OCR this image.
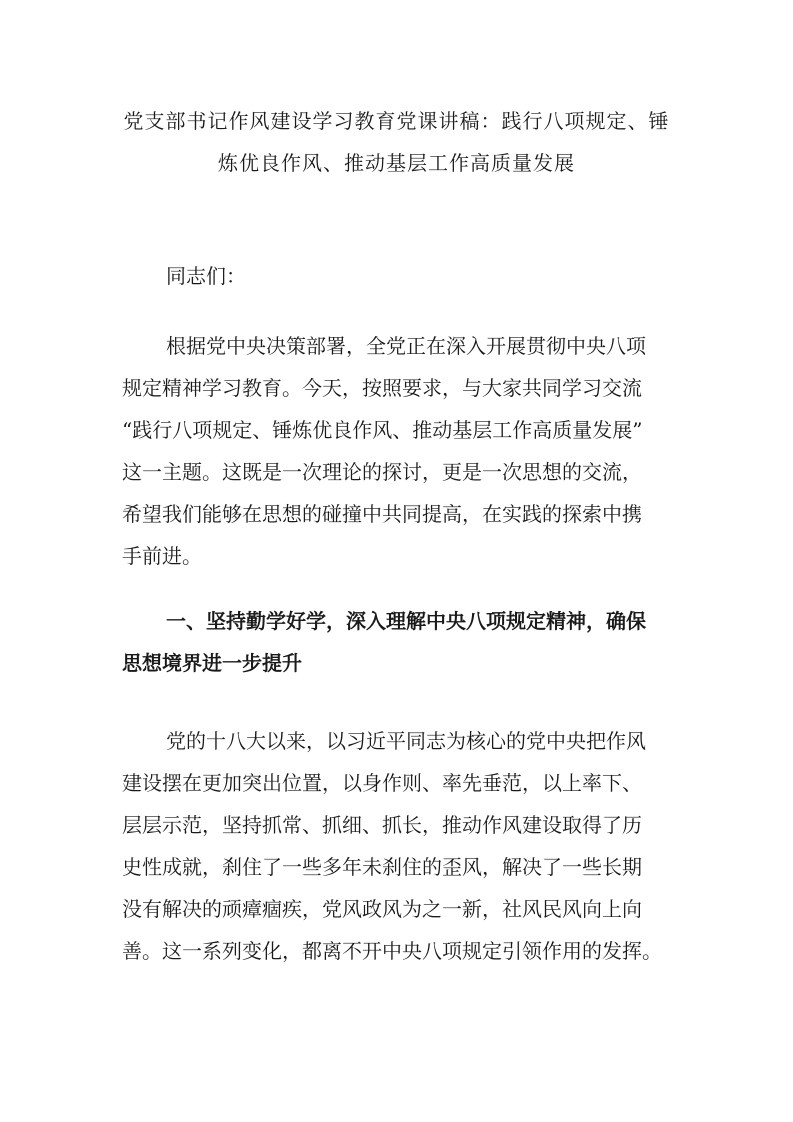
党支部书记作风建设学习教育党课讲稿：践行八项规定、锤
炼优良作风、推动基层工作高质量发展

同志们：

根据党中央决策部署，全党正在深入开展贯彻中央八项
规定精神学习教育。今天，按照要求，与大家共同学习交流
“践行八项规定、锤炼优良作风、推动基层工作高质量发展”
这一主题。这既是一次理论的探讨，更是一次思想的交流，
希望我们能够在思想的碰撞中共同提高，在实践的探索中携
手前进。

一、坚持勤学好学，深入理解中央八项规定精神，确保
思想境界进一步提升

党的十八大以来，以习近平同志为核心的党中央把作风
建设摆在更加突出位置，以身作则、率先垂范，以上率下、
层层示范，坚持抓常、抓细、抓长，推动作风建设取得了历
史性成就，刹住了一些多年未刹住的歪风，解决了一些长期
没有解决的顽瘴痼疾，党风政风为之一新，社风民风向上向
善。这一系列变化，都离不开中央八项规定引领作用的发挥。
